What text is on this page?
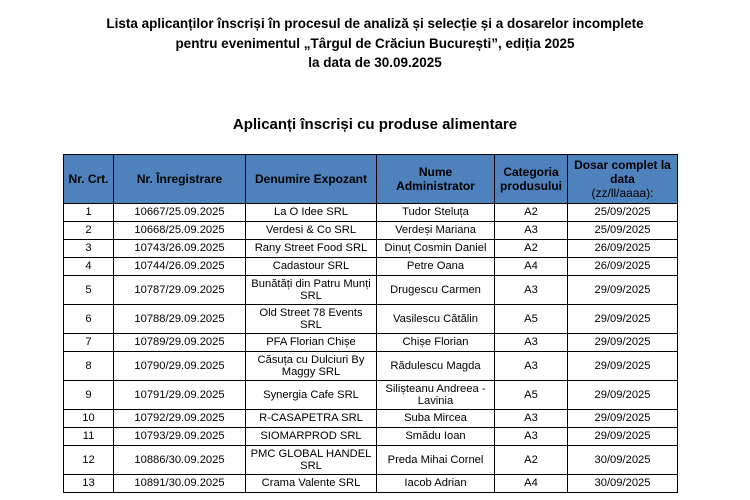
Lista aplicanților înscriși în procesul de analiză și selecție și a dosarelor incomplete
pentru evenimentul „Târgul de Crăciun București”, ediția 2025
la data de 30.09.2025
Aplicanți înscriși cu produse alimentare
Nr. Crt.	Nr. Înregistrare	Denumire Expozant	Nume Administrator	Categoria produsului	Dosar complet la data
(zz/ll/aaaa):

1	10667/25.09.2025	La O Idee SRL	Tudor Steluța	A2	25/09/2025
2	10668/25.09.2025	Verdesi & Co SRL	Verdeși Mariana	A3	25/09/2025
3	10743/26.09.2025	Rany Street Food SRL	Dinuț Cosmin Daniel	A2	26/09/2025
4	10744/26.09.2025	Cadastour SRL	Petre Oana	A4	26/09/2025
5	10787/29.09.2025	Bunătăți din Patru Munți SRL	Drugescu Carmen	A3	29/09/2025
6	10788/29.09.2025	Old Street 78 Events SRL	Vasilescu Cătălin	A5	29/09/2025
7	10789/29.09.2025	PFA Florian Chișe	Chișe Florian	A3	29/09/2025
8	10790/29.09.2025	Căsuța cu Dulciuri By Maggy SRL	Rădulescu Magda	A3	29/09/2025
9	10791/29.09.2025	Synergia Cafe SRL	Silișteanu Andreea - Lavinia	A5	29/09/2025
10	10792/29.09.2025	R-CASAPETRA SRL	Suba Mircea	A3	29/09/2025
11	10793/29.09.2025	SIOMARPROD SRL	Smădu Ioan	A3	29/09/2025
12	10886/30.09.2025	PMC GLOBAL HANDEL SRL	Preda Mihai Cornel	A2	30/09/2025
13	10891/30.09.2025	Crama Valente SRL	Iacob Adrian	A4	30/09/2025
